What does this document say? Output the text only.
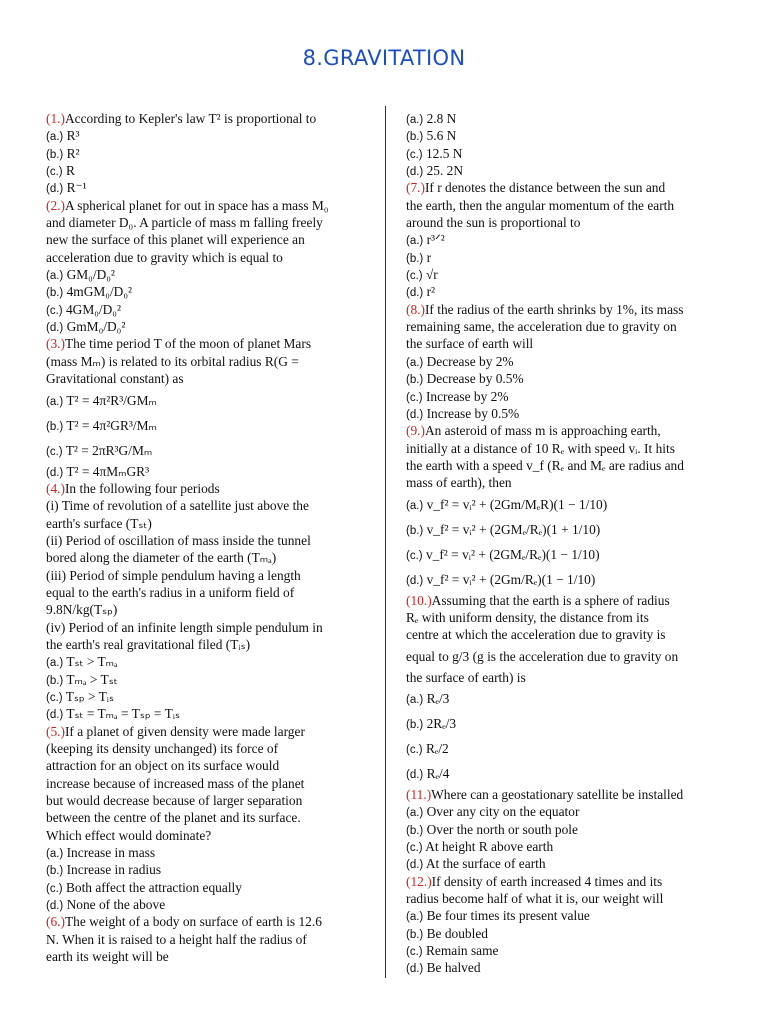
8.GRAVITATION
(1.)According to Kepler's law T² is proportional to
(a.) R³
(b.) R²
(c.) R
(d.) R⁻¹
(2.)A spherical planet for out in space has a mass M₀
and diameter D₀. A particle of mass m falling freely
new the surface of this planet will experience an
acceleration due to gravity which is equal to
(a.) GM₀/D₀²
(b.) 4mGM₀/D₀²
(c.) 4GM₀/D₀²
(d.) GmM₀/D₀²
(3.)The time period T of the moon of planet Mars
(mass Mₘ) is related to its orbital radius R(G =
Gravitational constant) as
(a.) T² = 4π²R³/GMₘ
(b.) T² = 4π²GR³/Mₘ
(c.) T² = 2πR³G/Mₘ
(d.) T² = 4πMₘGR³
(4.)In the following four periods
(i) Time of revolution of a satellite just above the
earth's surface (Tₛₜ)
(ii) Period of oscillation of mass inside the tunnel
bored along the diameter of the earth (Tₘₐ)
(iii) Period of simple pendulum having a length
equal to the earth's radius in a uniform field of
9.8N/kg(Tₛₚ)
(iv) Period of an infinite length simple pendulum in
the earth's real gravitational filed (Tᵢₛ)
(a.) Tₛₜ > Tₘₐ
(b.) Tₘₐ > Tₛₜ
(c.) Tₛₚ > Tᵢₛ
(d.) Tₛₜ = Tₘₐ = Tₛₚ = Tᵢₛ
(5.)If a planet of given density were made larger
(keeping its density unchanged) its force of
attraction for an object on its surface would
increase because of increased mass of the planet
but would decrease because of larger separation
between the centre of the planet and its surface.
Which effect would dominate?
(a.) Increase in mass
(b.) Increase in radius
(c.) Both affect the attraction equally
(d.) None of the above
(6.)The weight of a body on surface of earth is 12.6
N. When it is raised to a height half the radius of
earth its weight will be
(a.) 2.8 N
(b.) 5.6 N
(c.) 12.5 N
(d.) 25. 2N
(7.)If r denotes the distance between the sun and
the earth, then the angular momentum of the earth
around the sun is proportional to
(a.) r³ᐟ²
(b.) r
(c.) √r
(d.) r²
(8.)If the radius of the earth shrinks by 1%, its mass
remaining same, the acceleration due to gravity on
the surface of earth will
(a.) Decrease by 2%
(b.) Decrease by 0.5%
(c.) Increase by 2%
(d.) Increase by 0.5%
(9.)An asteroid of mass m is approaching earth,
initially at a distance of 10 Rₑ with speed vᵢ. It hits
the earth with a speed v_f (Rₑ and Mₑ are radius and
mass of earth), then
(a.) v_f² = vᵢ² + (2Gm/MₑR)(1 − 1/10)
(b.) v_f² = vᵢ² + (2GMₑ/Rₑ)(1 + 1/10)
(c.) v_f² = vᵢ² + (2GMₑ/Rₑ)(1 − 1/10)
(d.) v_f² = vᵢ² + (2Gm/Rₑ)(1 − 1/10)
(10.)Assuming that the earth is a sphere of radius
Rₑ with uniform density, the distance from its
centre at which the acceleration due to gravity is
equal to g/3 (g is the acceleration due to gravity on
the surface of earth) is
(a.) Rₑ/3
(b.) 2Rₑ/3
(c.) Rₑ/2
(d.) Rₑ/4
(11.)Where can a geostationary satellite be installed
(a.) Over any city on the equator
(b.) Over the north or south pole
(c.) At height R above earth
(d.) At the surface of earth
(12.)If density of earth increased 4 times and its
radius become half of what it is, our weight will
(a.) Be four times its present value
(b.) Be doubled
(c.) Remain same
(d.) Be halved
